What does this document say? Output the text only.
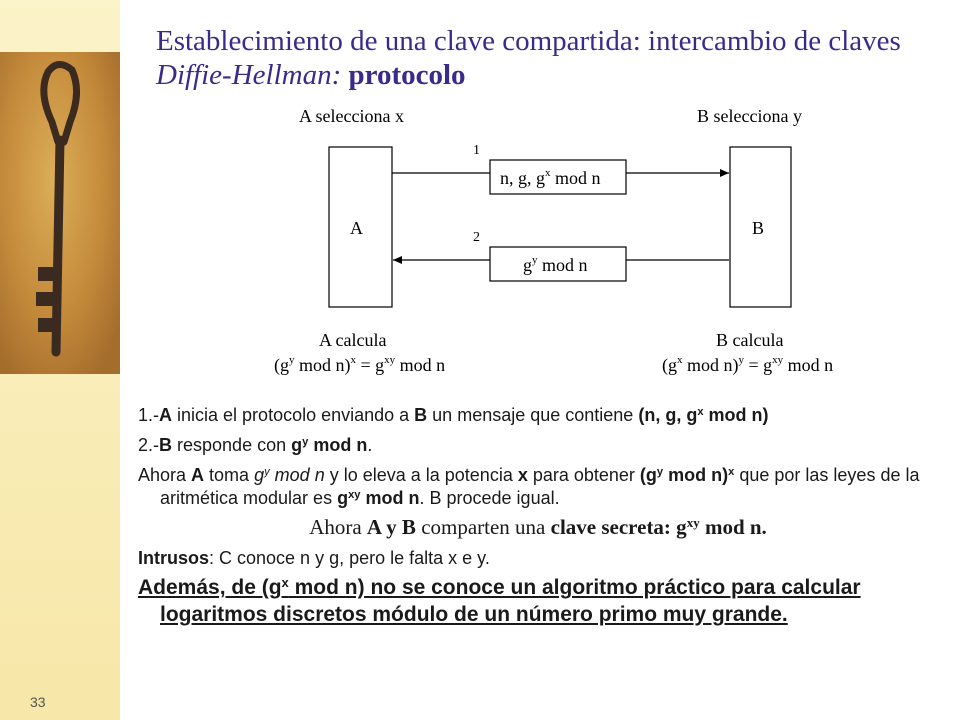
33
Establecimiento de una clave compartida: intercambio de claves Diffie-Hellman: protocolo
A selecciona x	B selecciona y
A	B
1
n, g, $g^x$ mod n
2
$g^y$ mod n
A calcula
($g^y$ mod $n)^x = g^{xy}$ mod n
B calcula
($g^x$ mod $n)^y = g^{xy}$ mod n
1.-A inicia el protocolo enviando a B un mensaje que contiene (n, g, $g^x$ mod n)
2.-B responde con $g^y$ mod n.
Ahora A toma $g^y$ mod n y lo eleva a la potencia x para obtener ($g^y$ mod n)$^x$ que por las leyes de la aritmética modular es $g^{xy}$ mod n. B procede igual.
Ahora A y B comparten una clave secreta: $g^{xy}$ mod n.
Intrusos: C conoce n y g, pero le falta x e y.
Además, de ($g^x$ mod n) no se conoce un algoritmo práctico para calcular logaritmos discretos módulo de un número primo muy grande.
